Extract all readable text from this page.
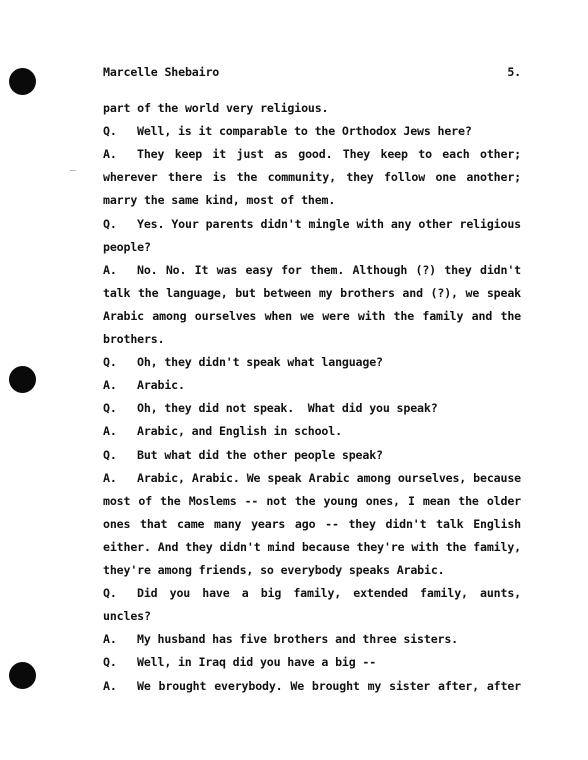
Marcelle Shebairo	5.
part of the world very religious.
Q. Well, is it comparable to the Orthodox Jews here?
A. They keep it just as good. They keep to each other;
wherever there is the community, they follow one another;
marry the same kind, most of them.
Q. Yes. Your parents didn't mingle with any other religious
people?
A. No. No. It was easy for them. Although (?) they didn't
talk the language, but between my brothers and (?), we speak
Arabic among ourselves when we were with the family and the
brothers.
Q. Oh, they didn't speak what language?
A. Arabic.
Q. Oh, they did not speak.  What did you speak?
A. Arabic, and English in school.
Q. But what did the other people speak?
A. Arabic, Arabic. We speak Arabic among ourselves, because
most of the Moslems -- not the young ones, I mean the older
ones that came many years ago -- they didn't talk English
either. And they didn't mind because they're with the family,
they're among friends, so everybody speaks Arabic.
Q. Did you have a big family, extended family, aunts,
uncles?
A. My husband has five brothers and three sisters.
Q. Well, in Iraq did you have a big --
A. We brought everybody. We brought my sister after, after
